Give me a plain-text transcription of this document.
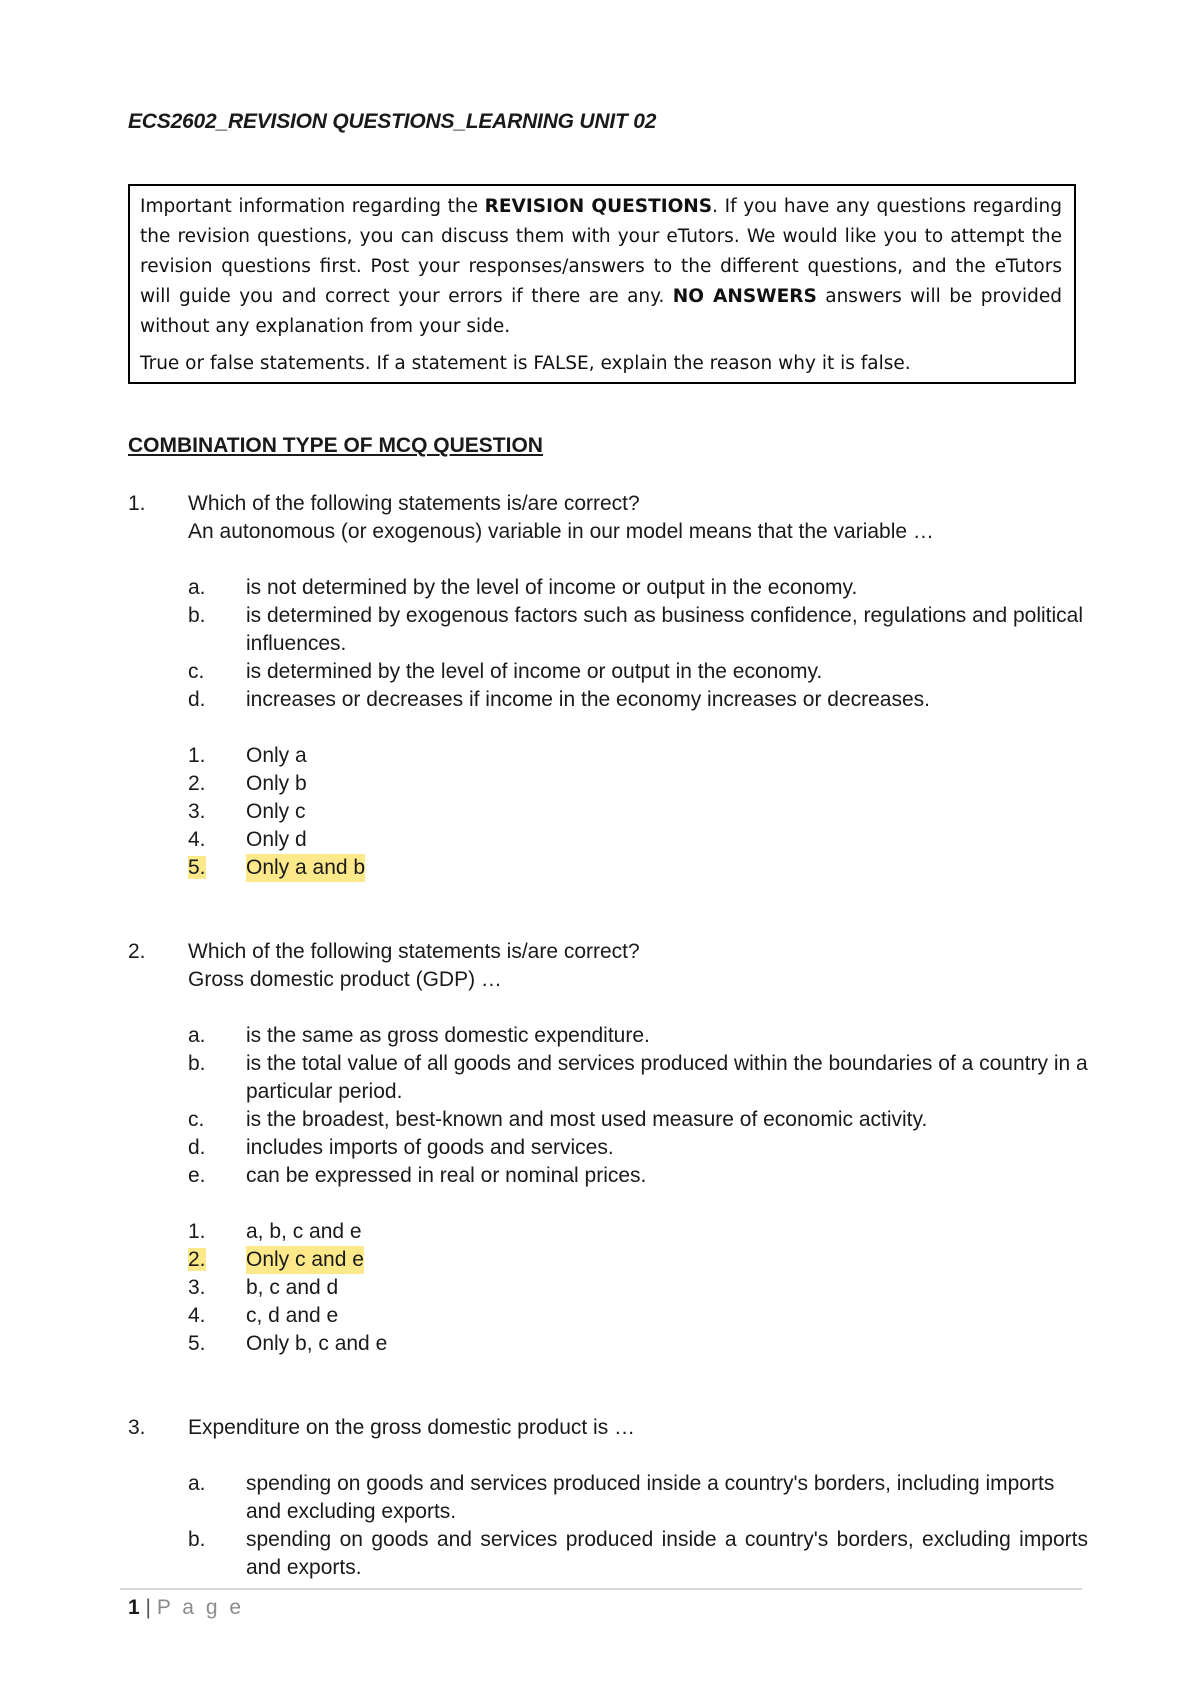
ECS2602_REVISION QUESTIONS_LEARNING UNIT 02

Important information regarding the REVISION QUESTIONS. If you have any questions regarding the revision questions, you can discuss them with your eTutors. We would like you to attempt the revision questions first. Post your responses/answers to the different questions, and the eTutors will guide you and correct your errors if there are any. NO ANSWERS answers will be provided without any explanation from your side.

True or false statements. If a statement is FALSE, explain the reason why it is false.

COMBINATION TYPE OF MCQ QUESTION
1.	Which of the following statements is/are correct?
An autonomous (or exogenous) variable in our model means that the variable …
a.	is not determined by the level of income or output in the economy.
b.	is determined by exogenous factors such as business confidence, regulations and political influences.
c.	is determined by the level of income or output in the economy.
d.	increases or decreases if income in the economy increases or decreases.
1.	Only a
2.	Only b
3.	Only c
4.	Only d
5.	Only a and b
2.	Which of the following statements is/are correct?
Gross domestic product (GDP) …
a.	is the same as gross domestic expenditure.
b.	is the total value of all goods and services produced within the boundaries of a country in a particular period.
c.	is the broadest, best-known and most used measure of economic activity.
d.	includes imports of goods and services.
e.	can be expressed in real or nominal prices.
1.	a, b, c and e
2.	Only c and e
3.	b, c and d
4.	c, d and e
5.	Only b, c and e
3.	Expenditure on the gross domestic product is …
a.	spending on goods and services produced inside a country's borders, including imports and excluding exports.
b.	spending on goods and services produced inside a country's borders, excluding imports and exports.
1 | P a g e
